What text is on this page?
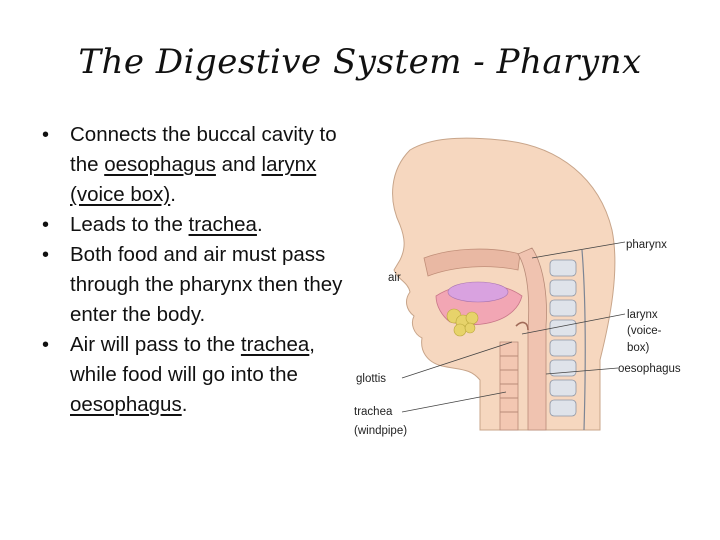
The Digestive System - Pharynx
• Connects the buccal cavity to the oesophagus and larynx (voice box).
• Leads to the trachea.
• Both food and air must pass through the pharynx then they enter the body.
• Air will pass to the trachea, while food will go into the oesophagus.
pharynx
air
larynx
(voice-
box)
oesophagus
glottis
trachea
(windpipe)
